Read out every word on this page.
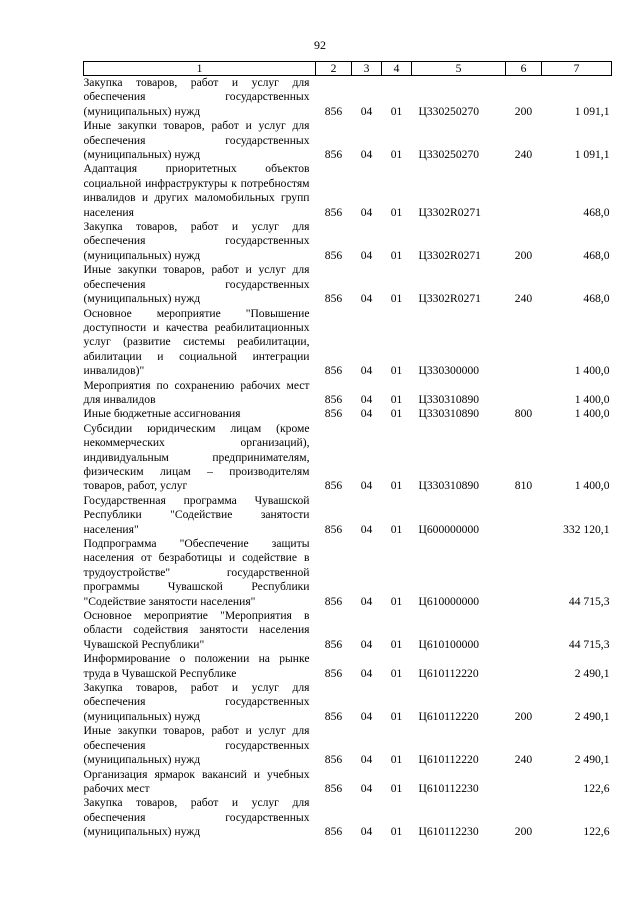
92
1	2	3	4	5	6	7
Закупка товаров, работ и услуг для обеспечения государственных (муниципальных) нужд	856	04	01	Ц330250270	200	1 091,1
Иные закупки товаров, работ и услуг для обеспечения государственных (муниципальных) нужд	856	04	01	Ц330250270	240	1 091,1
Адаптация приоритетных объектов социальной инфраструктуры к потребностям инвалидов и других маломобильных групп населения	856	04	01	Ц3302R0271		468,0
Закупка товаров, работ и услуг для обеспечения государственных (муниципальных) нужд	856	04	01	Ц3302R0271	200	468,0
Иные закупки товаров, работ и услуг для обеспечения государственных (муниципальных) нужд	856	04	01	Ц3302R0271	240	468,0
Основное мероприятие "Повышение доступности и качества реабилитационных услуг (развитие системы реабилитации, абилитации и социальной интеграции инвалидов)"	856	04	01	Ц330300000		1 400,0
Мероприятия по сохранению рабочих мест для инвалидов	856	04	01	Ц330310890		1 400,0
Иные бюджетные ассигнования	856	04	01	Ц330310890	800	1 400,0
Субсидии юридическим лицам (кроме некоммерческих организаций), индивидуальным предпринимателям, физическим лицам – производителям товаров, работ, услуг	856	04	01	Ц330310890	810	1 400,0
Государственная программа Чувашской Республики "Содействие занятости населения"	856	04	01	Ц600000000		332 120,1
Подпрограмма "Обеспечение защиты населения от безработицы и содействие в трудоустройстве" государственной программы Чувашской Республики "Содействие занятости населения"	856	04	01	Ц610000000		44 715,3
Основное мероприятие "Мероприятия в области содействия занятости населения Чувашской Республики"	856	04	01	Ц610100000		44 715,3
Информирование о положении на рынке труда в Чувашской Республике	856	04	01	Ц610112220		2 490,1
Закупка товаров, работ и услуг для обеспечения государственных (муниципальных) нужд	856	04	01	Ц610112220	200	2 490,1
Иные закупки товаров, работ и услуг для обеспечения государственных (муниципальных) нужд	856	04	01	Ц610112220	240	2 490,1
Организация ярмарок вакансий и учебных рабочих мест	856	04	01	Ц610112230		122,6
Закупка товаров, работ и услуг для обеспечения государственных (муниципальных) нужд	856	04	01	Ц610112230	200	122,6
